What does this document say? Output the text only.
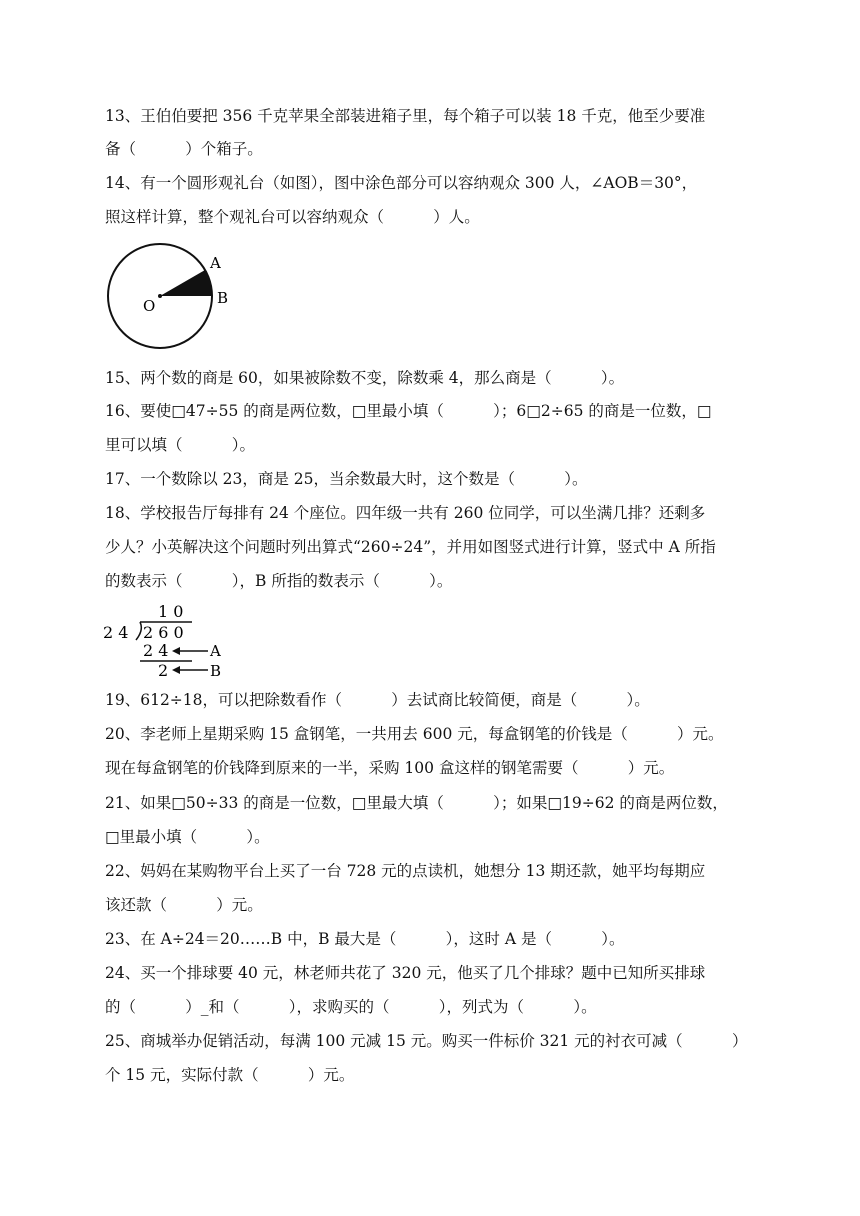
13、王伯伯要把 356 千克苹果全部装进箱子里，每个箱子可以装 18 千克，他至少要准
备（          ）个箱子。
14、有一个圆形观礼台（如图），图中涂色部分可以容纳观众 300 人，∠AOB＝30°，
照这样计算，整个观礼台可以容纳观众（          ）人。
A
B
O
15、两个数的商是 60，如果被除数不变，除数乘 4，那么商是（          ）。
16、要使□47÷55 的商是两位数，□里最小填（          ）；6□2÷65 的商是一位数，□
里可以填（          ）。
17、一个数除以 23，商是 25，当余数最大时，这个数是（          ）。
18、学校报告厅每排有 24 个座位。四年级一共有 260 位同学，可以坐满几排？还剩多
少人？小英解决这个问题时列出算式“260÷24”，并用如图竖式进行计算，竖式中 A 所指
的数表示（          ），B 所指的数表示（          ）。
1 0
2 4 2 6 0
2 4	A
2	B
19、612÷18，可以把除数看作（          ）去试商比较简便，商是（          ）。
20、李老师上星期采购 15 盒钢笔，一共用去 600 元，每盒钢笔的价钱是（          ）元。
现在每盒钢笔的价钱降到原来的一半，采购 100 盒这样的钢笔需要（          ）元。
21、如果□50÷33 的商是一位数，□里最大填（          ）；如果□19÷62 的商是两位数，
□里最小填（          ）。
22、妈妈在某购物平台上买了一台 728 元的点读机，她想分 13 期还款，她平均每期应
该还款（          ）元。
23、在 A÷24＝20……B 中，B 最大是（          ），这时 A 是（          ）。
24、买一个排球要 40 元，林老师共花了 320 元，他买了几个排球？题中已知所买排球
的（          ）_和（          ），求购买的（          ），列式为（          ）。
25、商城举办促销活动，每满 100 元减 15 元。购买一件标价 321 元的衬衣可减（          ）
个 15 元，实际付款（          ）元。
